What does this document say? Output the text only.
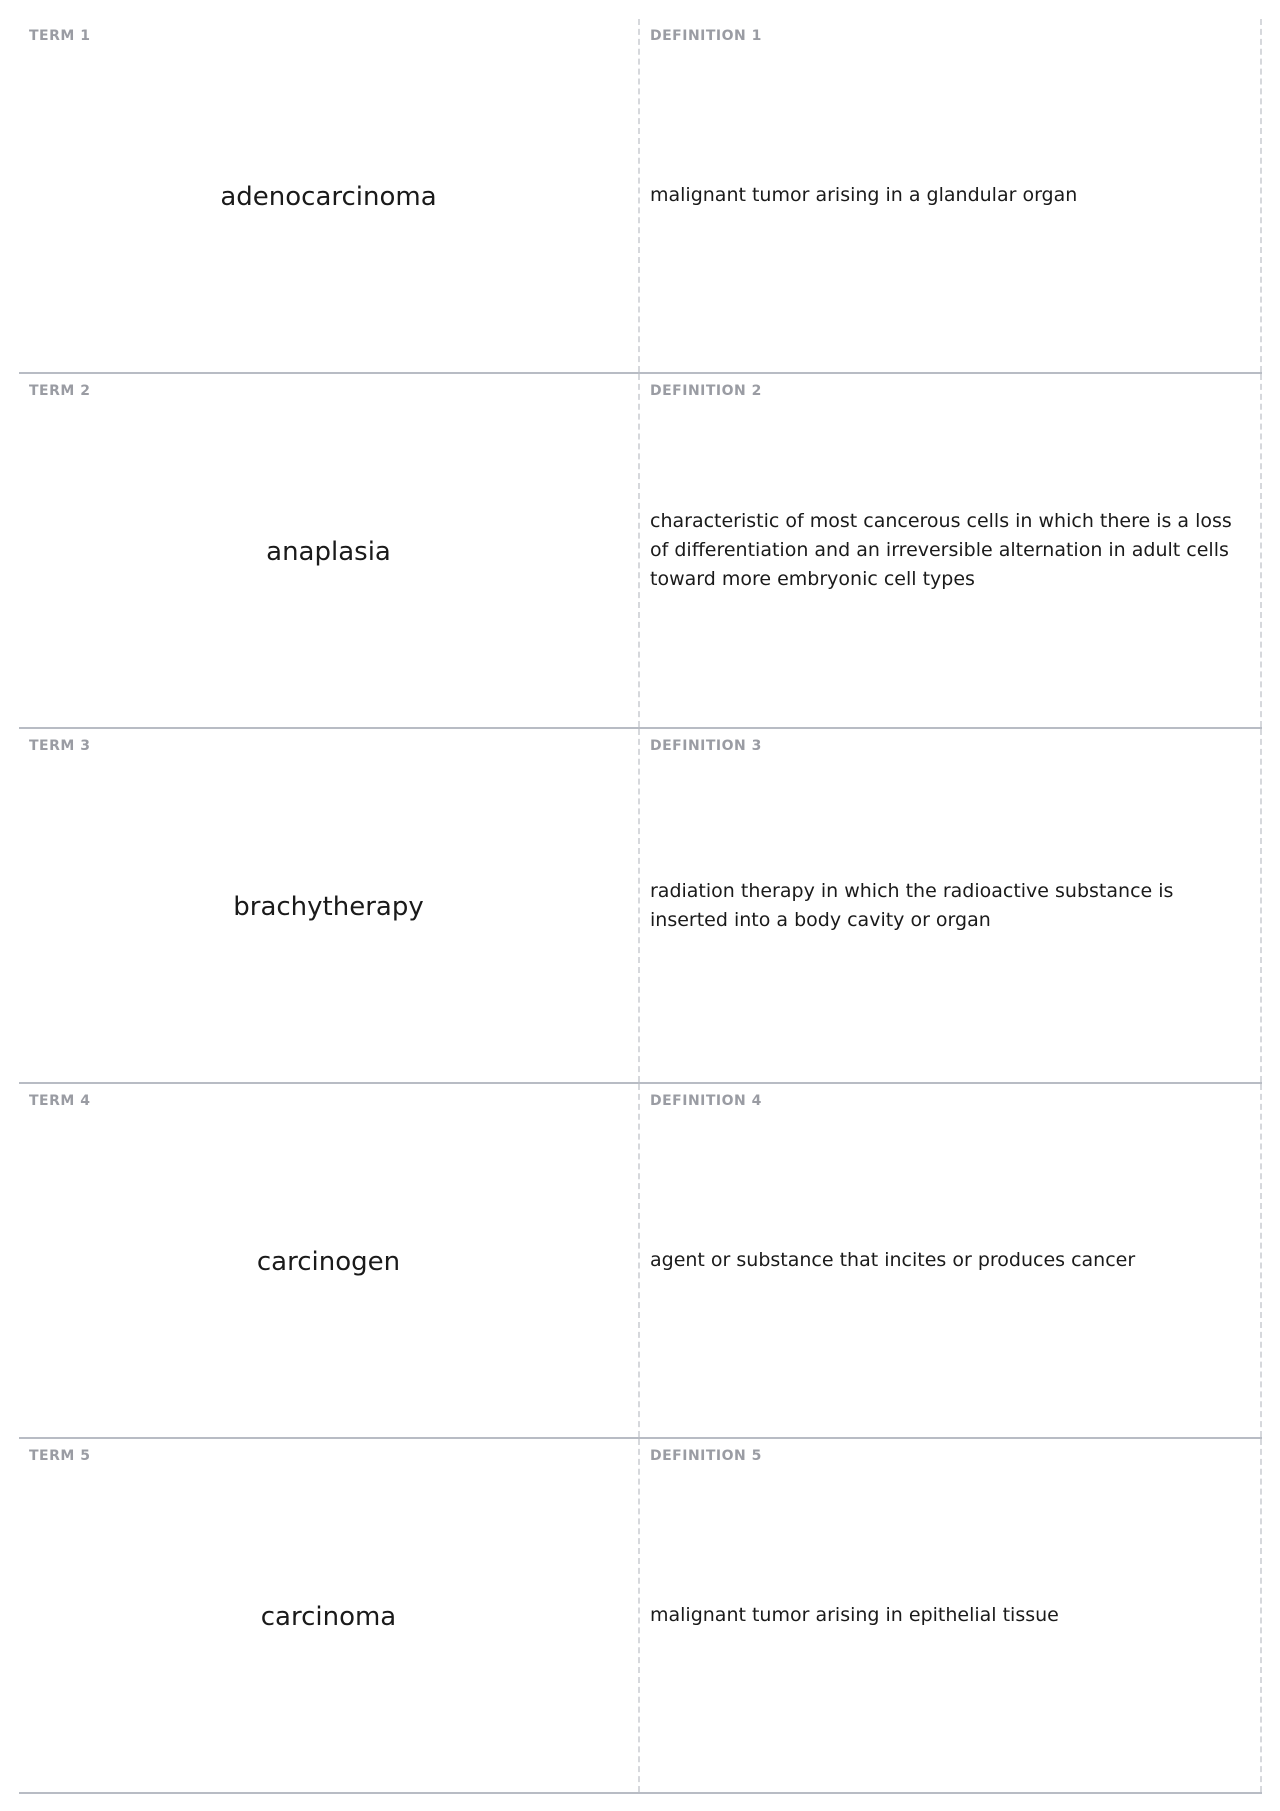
TERM 1
adenocarcinoma
DEFINITION 1
malignant tumor arising in a glandular organ
TERM 2
anaplasia
DEFINITION 2
characteristic of most cancerous cells in which there is a loss of differentiation and an irreversible alternation in adult cells toward more embryonic cell types
TERM 3
brachytherapy
DEFINITION 3
radiation therapy in which the radioactive substance is inserted into a body cavity or organ
TERM 4
carcinogen
DEFINITION 4
agent or substance that incites or produces cancer
TERM 5
carcinoma
DEFINITION 5
malignant tumor arising in epithelial tissue
